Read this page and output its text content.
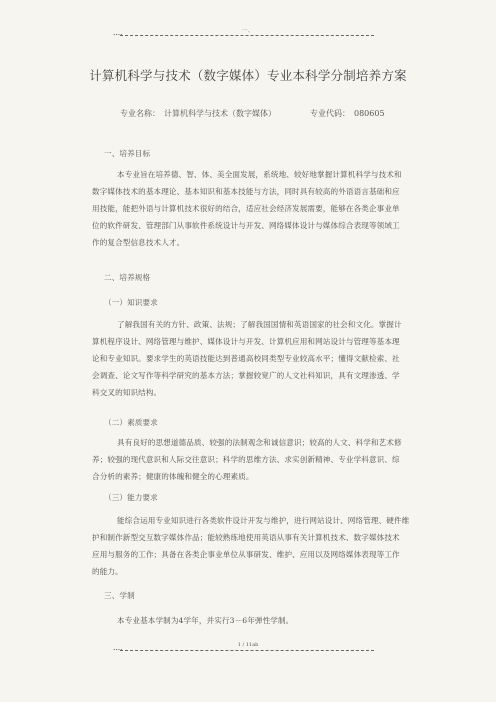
••••
一、
计算机科学与技术（数字媒体）专业本科学分制培养方案
专业名称： 计算机科学与技术（数字媒体）	专业代码： 080605
一、培养目标
本专业旨在培养德、智、体、美全面发展，系统地、较好地掌握计算机科学与技术和
数字媒体技术的基本理论、基本知识和基本技能与方法，同时具有较高的外语语言基础和应
用技能，能把外语与计算机技术很好的结合，适应社会经济发展需要，能够在各类企事业单
位的软件研发、管理部门从事软件系统设计与开发、网络媒体设计与媒体综合表现等领域工
作的复合型信息技术人才。
二、培养规格
（一）知识要求
了解我国有关的方针、政策、法规；了解我国国情和英语国家的社会和文化。掌握计
算机程序设计、网络管理与维护、媒体设计与开发、计算机应用和网站设计与管理等基本理
论和专业知识。要求学生的英语技能达到普通高校同类型专业较高水平；懂得文献检索、社
会调查、论文写作等科学研究的基本方法；掌握较宽广的人文社科知识，具有文理渗透、学
科交叉的知识结构。
（二）素质要求
具有良好的思想道德品质、较强的法制观念和诚信意识；较高的人文、科学和艺术修
养；较强的现代意识和人际交往意识；科学的思维方法、求实创新精神、专业学科意识、综
合分析的素养；健康的体魄和健全的心理素质。
（三）能力要求
能综合运用专业知识进行各类软件设计开发与维护，进行网站设计、网络管理、硬件维
护和制作新型交互数字媒体作品；能较熟练地使用英语从事有关计算机技术、数字媒体技术
应用与服务的工作；具备在各类企事业单位从事研发、维护、应用以及网络媒体表现等工作
的能力。
三、学制
本专业基本学制为4学年，并实行3－6年弹性学制。
1 / 11ab
••••
